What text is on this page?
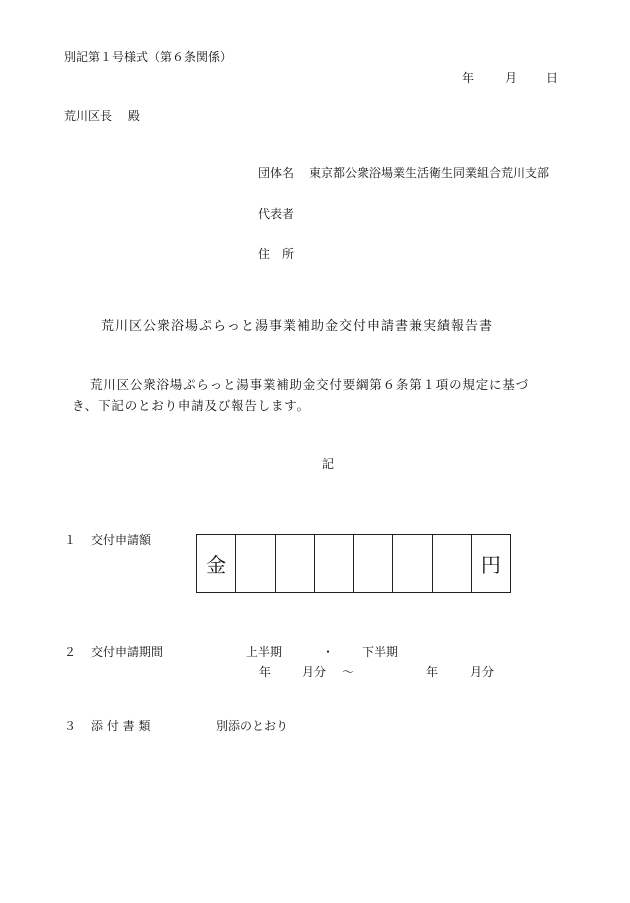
別記第１号様式（第６条関係）
年	月 日
荒川区長　 殿
団体名 東京都公衆浴場業生活衛生同業組合荒川支部
代表者
住　所
荒川区公衆浴場ぷらっと湯事業補助金交付申請書兼実績報告書
荒川区公衆浴場ぷらっと湯事業補助金交付要綱第６条第１項の規定に基づ
き、下記のとおり申請及び報告します。
記
１ 交付申請額
金	円
２ 交付申請期間	上半期	・ 下半期
年	月分 ～	年	月分
３ 添 付 書 類	別添のとおり
